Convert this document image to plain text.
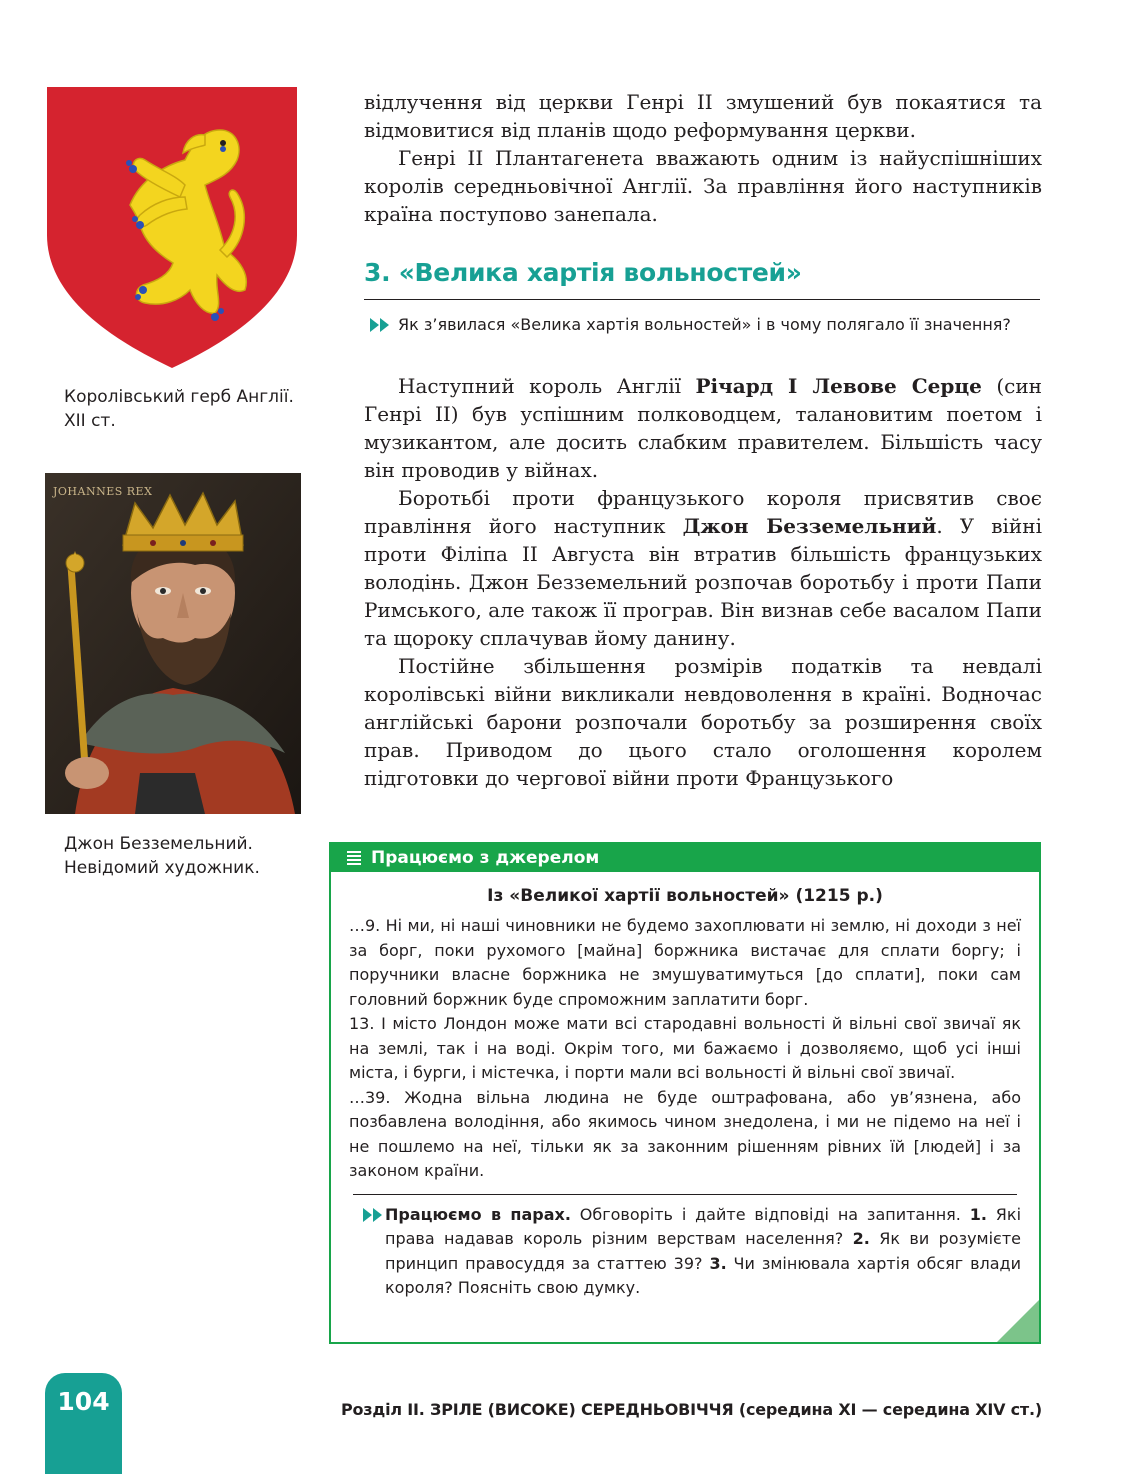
Королівський герб Англії.
XII ст.
JOHANNES REX
Джон Безземельний.
Невідомий художник.

відлучення від церкви Генрі II змушений був покаятися та відмовитися від планів щодо реформування церкви.

Генрі II Плантагенета вважають одним із найуспішніших королів середньовічної Англії. За правління його наступників країна поступово занепала.

3. «Велика хартія вольностей»
Як з’явилася «Велика хартія вольностей» і в чому полягало її значення?

Наступний король Англії Річард І Левове Серце (син Генрі II) був успішним полководцем, талановитим поетом і музикантом, але досить слабким правителем. Більшість часу він проводив у війнах.

Боротьбі проти французького короля присвятив своє правління його наступник Джон Безземельний. У війні проти Філіпа II Августа він втратив більшість французьких володінь. Джон Безземельний розпочав боротьбу і проти Папи Римського, але також її програв. Він визнав себе васалом Папи та щороку сплачував йому данину.

Постійне збільшення розмірів податків та невдалі королівські війни викликали невдоволення в країні. Водночас англійські барони розпочали боротьбу за розширення своїх прав. Приводом до цього стало оголошення королем підготовки до чергової війни проти Французького

Працюємо з джерелом
Із «Великої хартії вольностей» (1215 р.)

…9. Ні ми, ні наші чиновники не будемо захоплювати ні землю, ні доходи з неї за борг, поки рухомого [майна] боржника вистачає для сплати боргу; і поручники власне боржника не змушуватимуться [до сплати], поки сам головний боржник буде спроможним заплатити борг.

13. І місто Лондон може мати всі стародавні вольності й вільні свої звичаї як на землі, так і на воді. Окрім того, ми бажаємо і дозволяємо, щоб усі інші міста, і бурги, і містечка, і порти мали всі вольності й вільні свої звичаї.

…39. Жодна вільна людина не буде оштрафована, або ув’язнена, або позбавлена володіння, або якимось чином знедолена, і ми не підемо на неї і не пошлемо на неї, тільки як за законним рішенням рівних їй [людей] і за законом країни.

Працюємо в парах. Обговоріть і дайте відповіді на запитання. 1. Які права надавав король різним верствам населення? 2. Як ви розумієте принцип правосуддя за статтею 39? 3. Чи змінювала хартія обсяг влади короля? Поясніть свою думку.
104	Розділ ІІ. ЗРІЛЕ (ВИСОКЕ) СЕРЕДНЬОВІЧЧЯ (середина ХІ — середина XIV ст.)
